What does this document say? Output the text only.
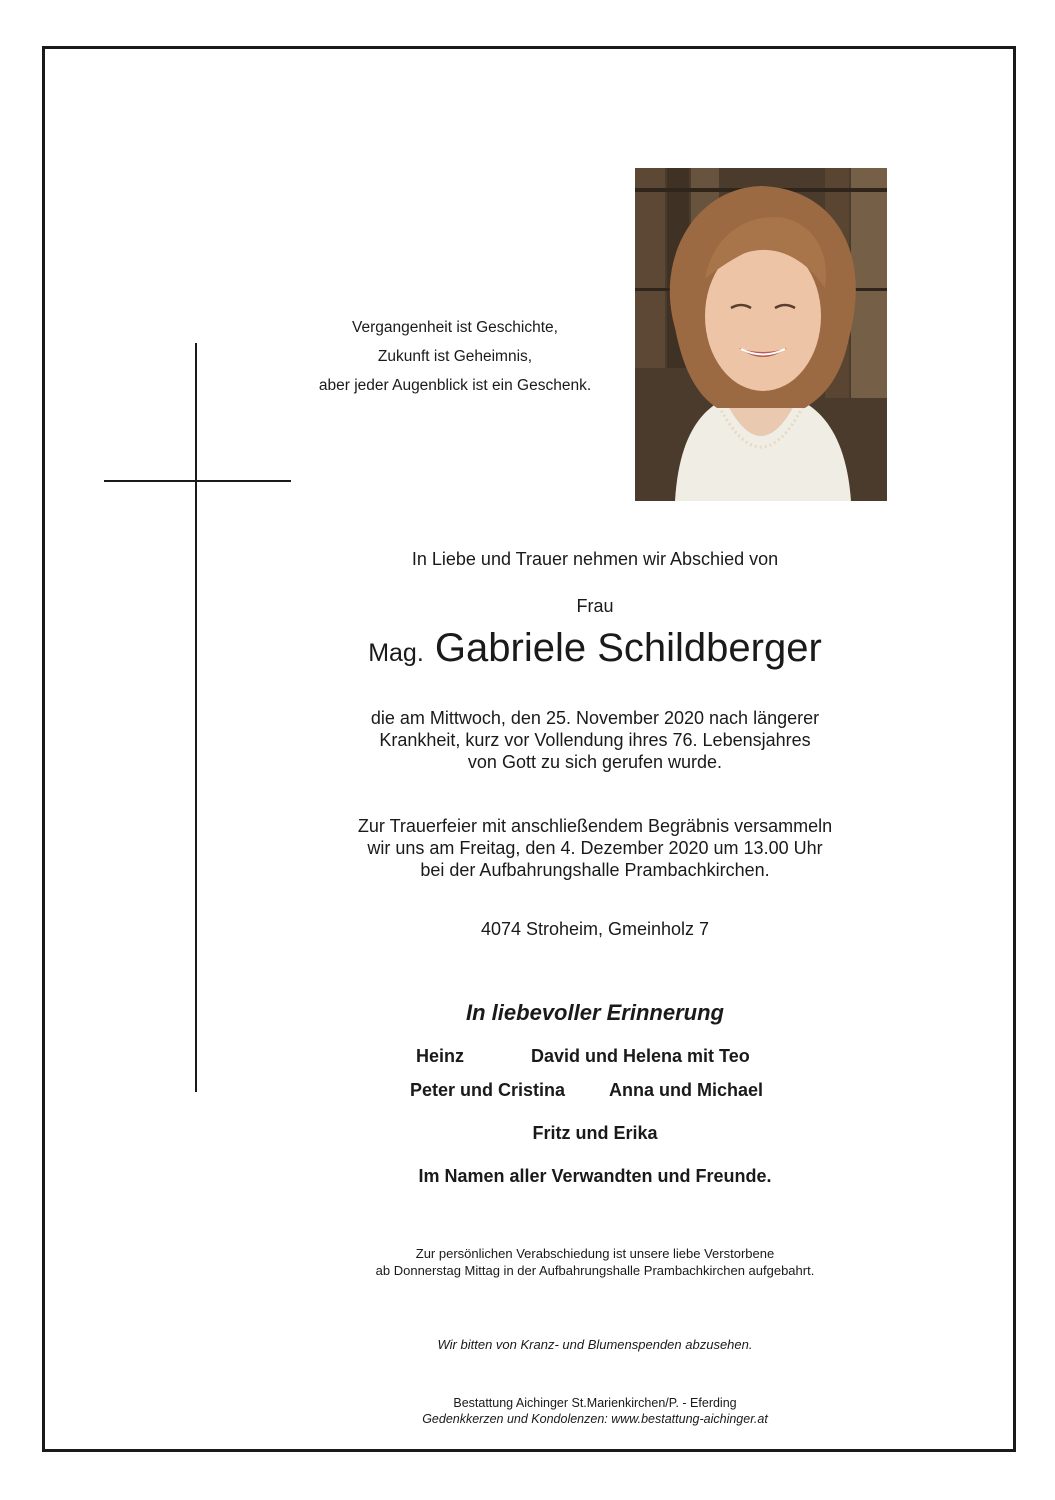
Vergangenheit ist Geschichte,
Zukunft ist Geheimnis,
aber jeder Augenblick ist ein Geschenk.
In Liebe und Trauer nehmen wir Abschied von
Frau
Mag. Gabriele Schildberger
die am Mittwoch, den 25. November 2020 nach längerer
Krankheit, kurz vor Vollendung ihres 76. Lebensjahres
von Gott zu sich gerufen wurde.
Zur Trauerfeier mit anschließendem Begräbnis versammeln
wir uns am Freitag, den 4. Dezember 2020 um 13.00 Uhr
bei der Aufbahrungshalle Prambachkirchen.
4074 Stroheim, Gmeinholz 7
In liebevoller Erinnerung
Heinz	David und Helena mit Teo
Peter und Cristina Anna und Michael
Fritz und Erika
Im Namen aller Verwandten und Freunde.
Zur persönlichen Verabschiedung ist unsere liebe Verstorbene
ab Donnerstag Mittag in der Aufbahrungshalle Prambachkirchen aufgebahrt.
Wir bitten von Kranz- und Blumenspenden abzusehen.
Bestattung Aichinger St.Marienkirchen/P. - Eferding
Gedenkkerzen und Kondolenzen: www.bestattung-aichinger.at
